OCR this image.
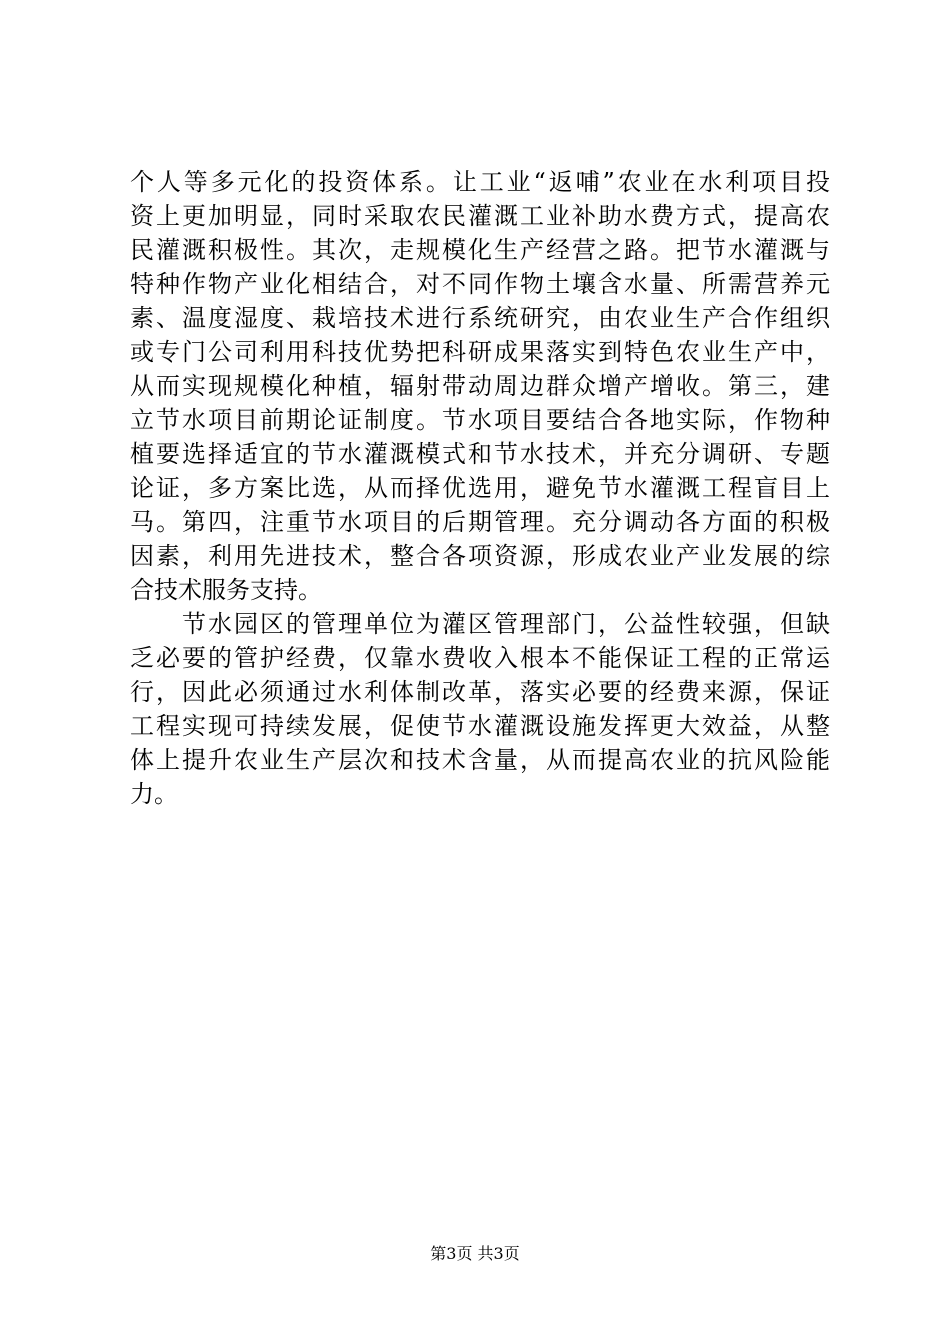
个人等多元化的投资体系。让工业“返哺”农业在水利项目投
资上更加明显，同时采取农民灌溉工业补助水费方式，提高农
民灌溉积极性。其次，走规模化生产经营之路。把节水灌溉与
特种作物产业化相结合，对不同作物土壤含水量、所需营养元
素、温度湿度、栽培技术进行系统研究，由农业生产合作组织
或专门公司利用科技优势把科研成果落实到特色农业生产中，
从而实现规模化种植，辐射带动周边群众增产增收。第三，建
立节水项目前期论证制度。节水项目要结合各地实际，作物种
植要选择适宜的节水灌溉模式和节水技术，并充分调研、专题
论证，多方案比选，从而择优选用，避免节水灌溉工程盲目上
马。第四，注重节水项目的后期管理。充分调动各方面的积极
因素，利用先进技术，整合各项资源，形成农业产业发展的综
合技术服务支持。
　　节水园区的管理单位为灌区管理部门，公益性较强，但缺
乏必要的管护经费，仅靠水费收入根本不能保证工程的正常运
行，因此必须通过水利体制改革，落实必要的经费来源，保证
工程实现可持续发展，促使节水灌溉设施发挥更大效益，从整
体上提升农业生产层次和技术含量，从而提高农业的抗风险能
力。
第3页 共3页
